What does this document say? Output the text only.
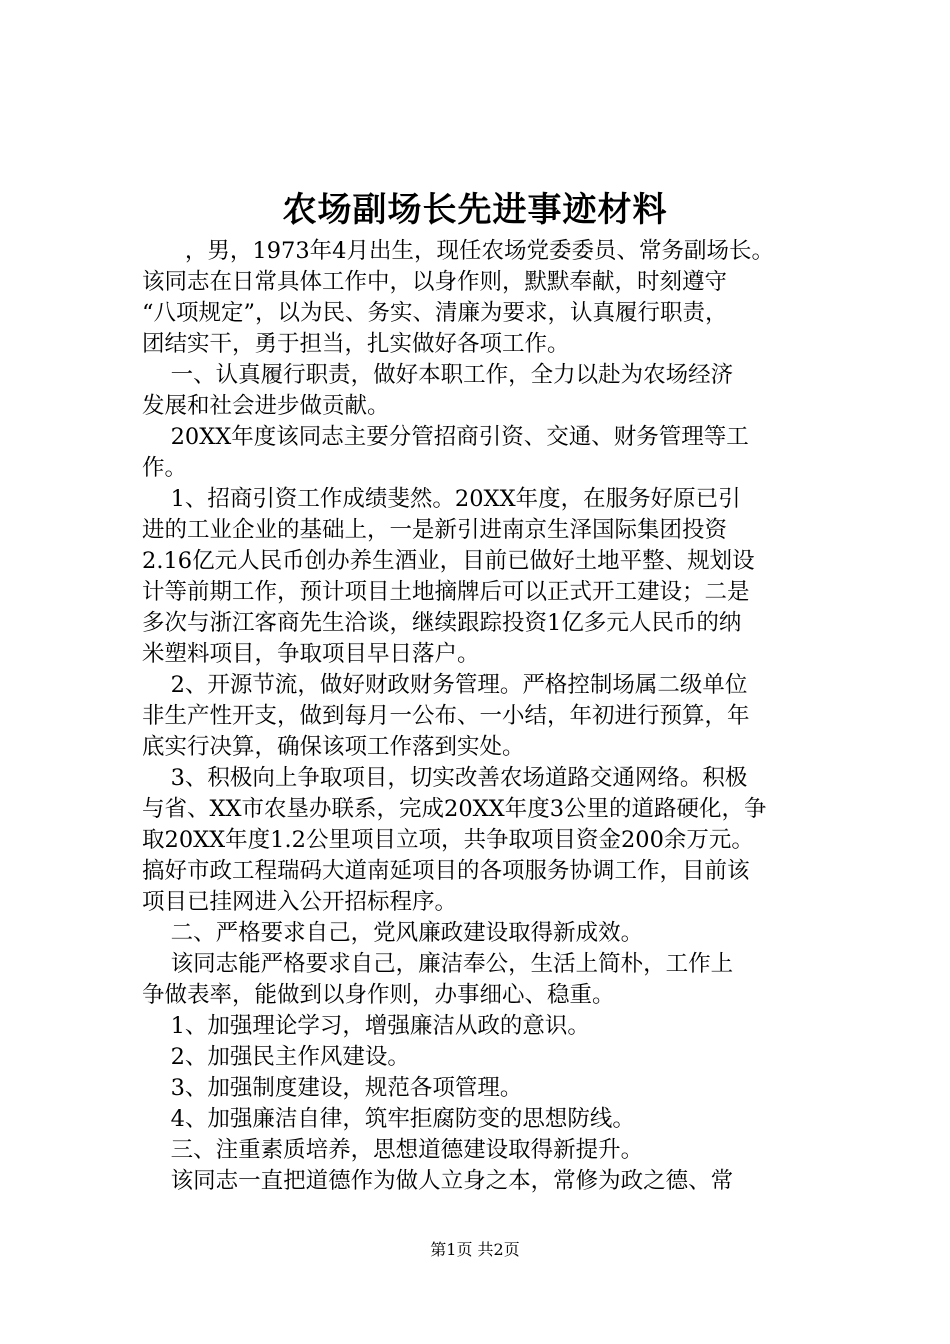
农场副场长先进事迹材料
，男，1973年4月出生，现任农场党委委员、常务副场长。
该同志在日常具体工作中，以身作则，默默奉献，时刻遵守
“八项规定”，以为民、务实、清廉为要求，认真履行职责，
团结实干，勇于担当，扎实做好各项工作。
一、认真履行职责，做好本职工作，全力以赴为农场经济
发展和社会进步做贡献。
20XX年度该同志主要分管招商引资、交通、财务管理等工
作。
1、招商引资工作成绩斐然。20XX年度，在服务好原已引
进的工业企业的基础上，一是新引进南京生泽国际集团投资
2.16亿元人民币创办养生酒业，目前已做好土地平整、规划设
计等前期工作，预计项目土地摘牌后可以正式开工建设；二是
多次与浙江客商先生洽谈，继续跟踪投资1亿多元人民币的纳
米塑料项目，争取项目早日落户。
2、开源节流，做好财政财务管理。严格控制场属二级单位
非生产性开支，做到每月一公布、一小结，年初进行预算，年
底实行决算，确保该项工作落到实处。
3、积极向上争取项目，切实改善农场道路交通网络。积极
与省、XX市农垦办联系，完成20XX年度3公里的道路硬化，争
取20XX年度1.2公里项目立项，共争取项目资金200余万元。
搞好市政工程瑞码大道南延项目的各项服务协调工作，目前该
项目已挂网进入公开招标程序。
二、严格要求自己，党风廉政建设取得新成效。
该同志能严格要求自己，廉洁奉公，生活上简朴，工作上
争做表率，能做到以身作则，办事细心、稳重。
1、加强理论学习，增强廉洁从政的意识。
2、加强民主作风建设。
3、加强制度建设，规范各项管理。
4、加强廉洁自律，筑牢拒腐防变的思想防线。
三、注重素质培养，思想道德建设取得新提升。
该同志一直把道德作为做人立身之本，常修为政之德、常
第1页 共2页
